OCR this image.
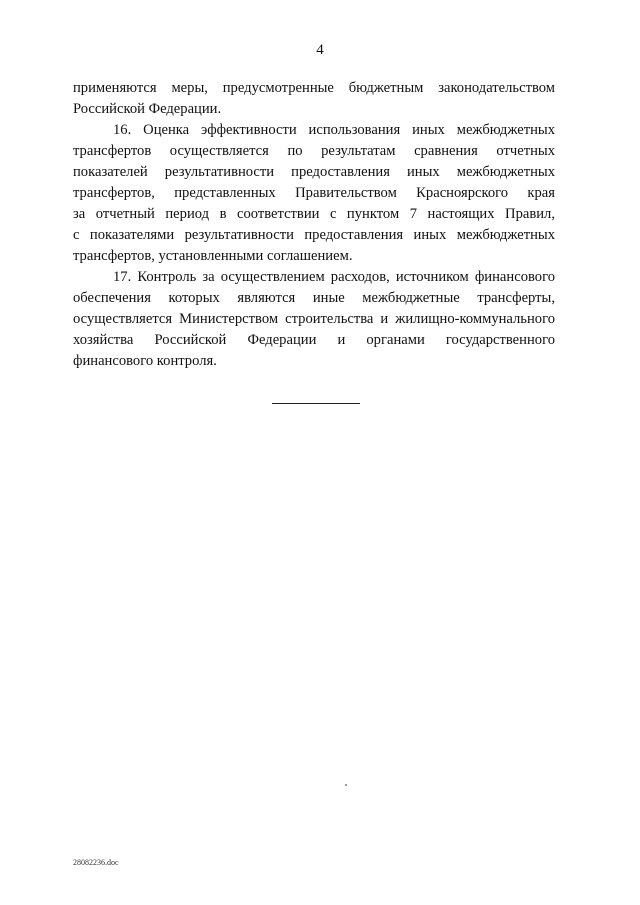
4

применяются меры, предусмотренные бюджетным законодательством
Российской Федерации.

16. Оценка эффективности использования иных межбюджетных
трансфертов осуществляется по результатам сравнения отчетных
показателей результативности предоставления иных межбюджетных
трансфертов, представленных Правительством Красноярского края
за отчетный период в соответствии с пунктом 7 настоящих Правил,
с показателями результативности предоставления иных межбюджетных
трансфертов, установленными соглашением.

17. Контроль за осуществлением расходов, источником финансового
обеспечения которых являются иные межбюджетные трансферты,
осуществляется Министерством строительства и жилищно-коммунального
хозяйства Российской Федерации и органами государственного
финансового контроля.

28082236.doc
